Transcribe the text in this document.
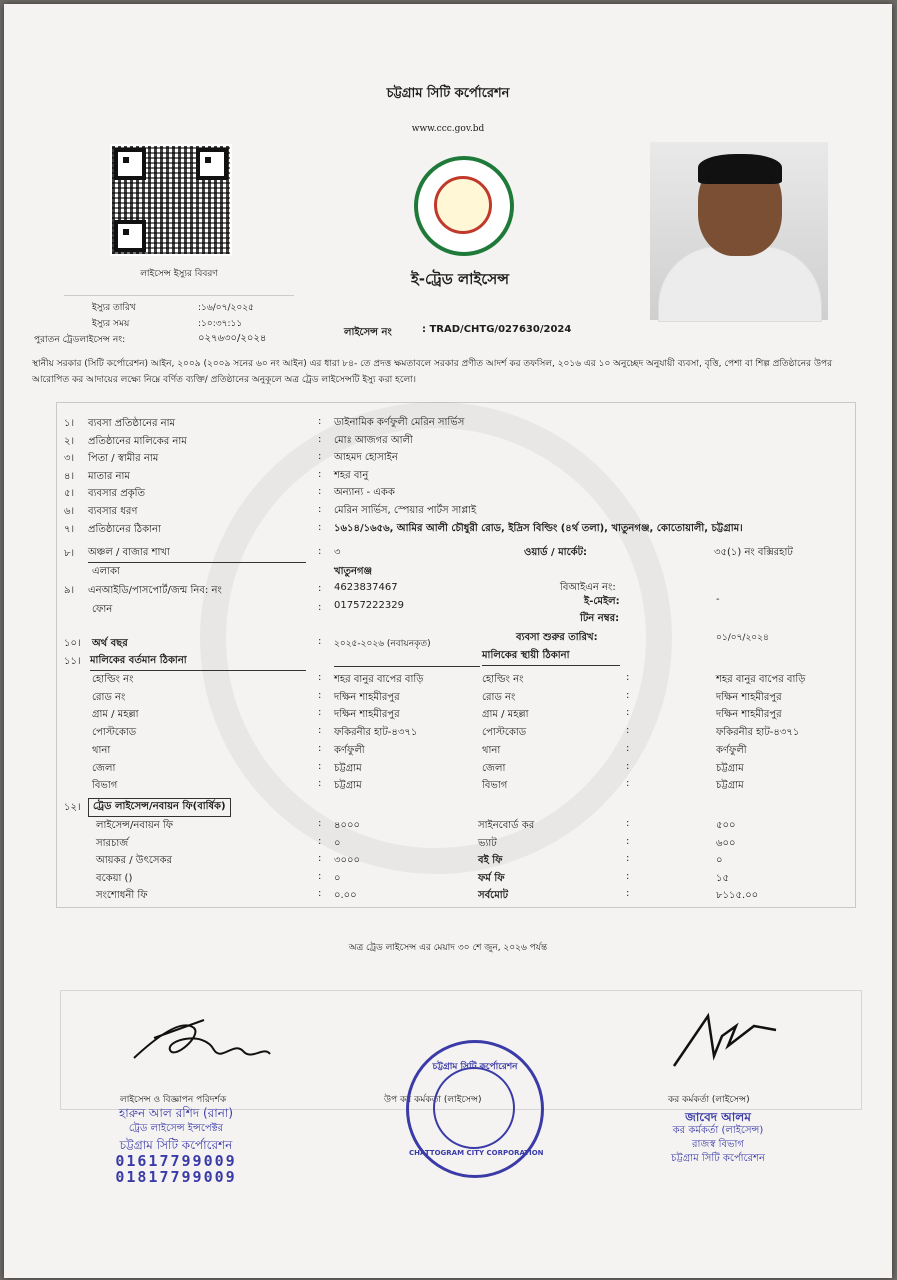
চট্টগ্রাম সিটি কর্পোরেশন
www.ccc.gov.bd
ই-ট্রেড লাইসেন্স
লাইসেন্স ইস্যুর বিবরণ
ইস্যুর তারিখ	:১৬/০৭/২০২৫
ইস্যুর সময়	:১০:৩৭:১১
পুরাতন ট্রেডলাইসেন্স নং:	০২৭৬৩০/২০২৪
লাইসেন্স নং	: TRAD/CHTG/027630/2024
স্থানীয় সরকার (সিটি কর্পোরেশন) আইন, ২০০৯ (২০০৯ সনের ৬০ নং আইন) এর ধারা ৮৪- তে প্রদত্ত ক্ষমতাবলে সরকার প্রণীত আদর্শ কর তফসিল, ২০১৬ এর ১০ অনুচ্ছেদ অনুযায়ী ব্যবসা, বৃত্তি, পেশা বা শিল্প প্রতিষ্ঠানের উপর আরোপিত কর আদায়ের লক্ষ্যে নিম্নে বর্ণিত ব্যক্তি/ প্রতিষ্ঠানের অনুকূলে অত্র ট্রেড লাইসেন্সটি ইস্যু করা হলো।
৮। অঞ্চল / বাজার শাখা	: ৩	ওয়ার্ড / মার্কেট:	৩৫(১) নং বক্সিরহাট
এলাকা	খাতুনগঞ্জ
৯। এনআইডি/পাসপোর্ট/জন্ম নিব: নং	: 4623837467	বিআইএন নং:
ফোন	: 01757222329	ই-মেইল:	-
টিন নম্বর:
১০। অর্থ বছর	: ২০২৫-২০২৬ (নবায়নকৃত)
ব্যবসা শুরুর তারিখ:	০১/০৭/২০২৪
১১। মালিকের বর্তমান ঠিকানা	মালিকের স্থায়ী ঠিকানা
১২।	ট্রেড লাইসেন্স/নবায়ন ফি(বার্ষিক)
অত্র ট্রেড লাইসেন্স এর মেয়াদ ৩০ শে জুন, ২০২৬ পর্যন্ত
লাইসেন্স ও বিজ্ঞাপন পরিদর্শক	উপ কর কর্মকর্তা (লাইসেন্স)	কর কর্মকর্তা (লাইসেন্স)
হারুন আল রশিদ (রানা)
ট্রেড লাইসেন্স ইন্সপেক্টর
চট্টগ্রাম সিটি কর্পোরেশন
01617799009
01817799009
চট্টগ্রাম সিটি কর্পোরেশন
CHATTOGRAM CITY CORPORATION
জাবেদ আলম
কর কর্মকর্তা (লাইসেন্স)
রাজস্ব বিভাগ
চট্টগ্রাম সিটি কর্পোরেশন
১। ব্যবসা প্রতিষ্ঠানের নাম	: ডাইনামিক কর্ণফুলী মেরিন সার্ভিস
২। প্রতিষ্ঠানের মালিকের নাম	: মোঃ আজগর আলী
৩। পিতা / স্বামীর নাম	: আহমদ হোসাইন
৪। মাতার নাম	: শহর বানু
৫। ব্যবসার প্রকৃতি	: অন্যান্য - একক
৬। ব্যবসার ধরণ	: মেরিন সার্ভিস, স্পেয়ার পার্টস সাপ্লাই
৭। প্রতিষ্ঠানের ঠিকানা	: ১৬১৪/১৬৫৬, আমির আলী চৌধুরী রোড, ইদ্রিস বিল্ডিং (৪র্থ তলা), খাতুনগঞ্জ, কোতোয়ালী, চট্টগ্রাম।
হোল্ডিং নং	: শহর বানুর বাপের বাড়ি	হোল্ডিং নং	:	শহর বানুর বাপের বাড়ি
রোড নং	: দক্ষিন শাহমীরপুর	রোড নং	:	দক্ষিন শাহমীরপুর
গ্রাম / মহল্লা	: দক্ষিন শাহমীরপুর	গ্রাম / মহল্লা	:	দক্ষিন শাহমীরপুর
পোস্টকোড	: ফকিরনীর হাট-৪৩৭১	পোস্টকোড	:	ফকিরনীর হাট-৪৩৭১
থানা	: কর্ণফুলী	থানা	:	কর্ণফুলী
জেলা	: চট্টগ্রাম	জেলা	:	চট্টগ্রাম
বিভাগ	: চট্টগ্রাম	বিভাগ	:	চট্টগ্রাম
লাইসেন্স/নবায়ন ফি	: ৪০০০	সাইনবোর্ড কর	:	৫০০
সারচার্জ	: ০	ভ্যাট	:	৬০০
আয়কর / উৎসেকর	: ৩০০০	বই ফি	:	০
বকেয়া ()	: ০	ফর্ম ফি	:	১৫
সংশোধনী ফি	: ০.০০	সর্বমোট	:	৮১১৫.০০
